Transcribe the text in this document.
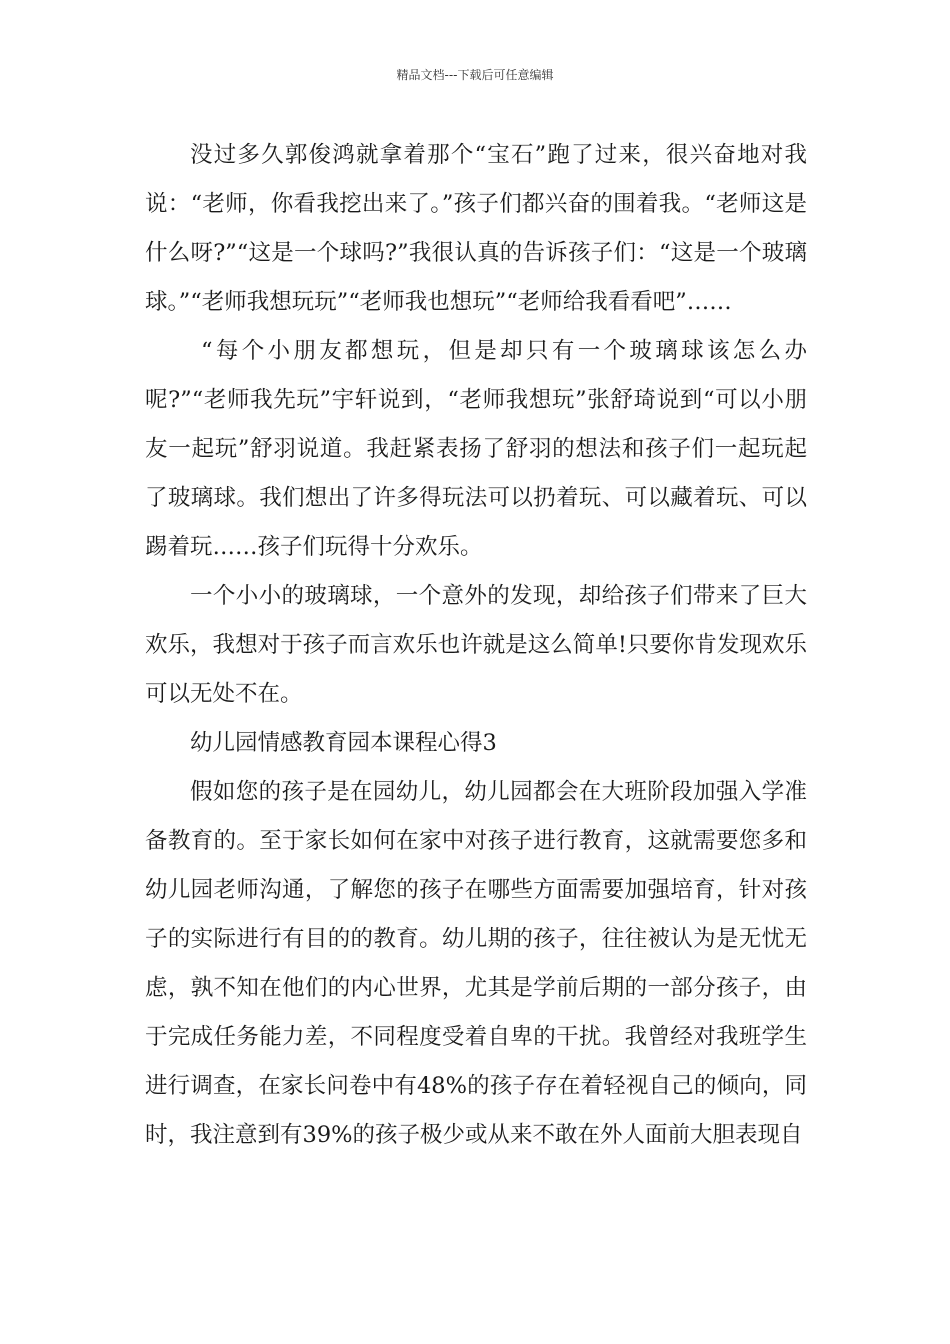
精品文档---下载后可任意编辑

没过多久郭俊鸿就拿着那个“宝石”跑了过来，很兴奋地对我说：“老师，你看我挖出来了。”孩子们都兴奋的围着我。“老师这是什么呀?”“这是一个球吗?”我很认真的告诉孩子们：“这是一个玻璃球。”“老师我想玩玩”“老师我也想玩”“老师给我看看吧”……

“每个小朋友都想玩，但是却只有一个玻璃球该怎么办呢?”“老师我先玩”宇轩说到，“老师我想玩”张舒琦说到“可以小朋友一起玩”舒羽说道。我赶紧表扬了舒羽的想法和孩子们一起玩起了玻璃球。我们想出了许多得玩法可以扔着玩、可以藏着玩、可以踢着玩……孩子们玩得十分欢乐。

一个小小的玻璃球，一个意外的发现，却给孩子们带来了巨大欢乐，我想对于孩子而言欢乐也许就是这么简单!只要你肯发现欢乐可以无处不在。

幼儿园情感教育园本课程心得3

假如您的孩子是在园幼儿，幼儿园都会在大班阶段加强入学准备教育的。至于家长如何在家中对孩子进行教育，这就需要您多和幼儿园老师沟通，了解您的孩子在哪些方面需要加强培育，针对孩子的实际进行有目的的教育。幼儿期的孩子，往往被认为是无忧无虑，孰不知在他们的内心世界，尤其是学前后期的一部分孩子，由于完成任务能力差，不同程度受着自卑的干扰。我曾经对我班学生进行调查，在家长问卷中有48%的孩子存在着轻视自己的倾向，同时，我注意到有39%的孩子极少或从来不敢在外人面前大胆表现自
